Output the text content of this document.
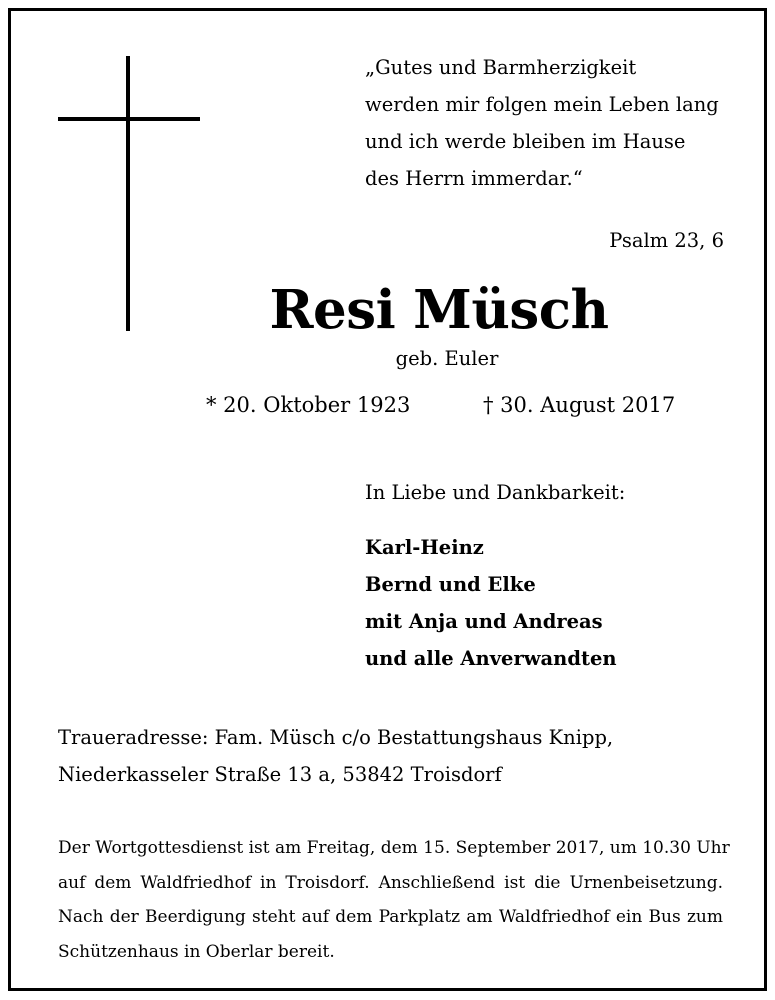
„Gutes und Barmherzigkeit
werden mir folgen mein Leben lang
und ich werde bleiben im Hause
des Herrn immerdar.“
Psalm 23, 6
Resi Müsch
geb. Euler
* 20. Oktober 1923	† 30. August 2017
In Liebe und Dankbarkeit:
Karl-Heinz
Bernd und Elke
mit Anja und Andreas
und alle Anverwandten
Traueradresse: Fam. Müsch c/o Bestattungshaus Knipp,
Niederkasseler Straße 13 a, 53842 Troisdorf
Der Wortgottesdienst ist am Freitag, dem 15. September 2017, um 10.30 Uhr
auf dem Waldfriedhof in Troisdorf. Anschließend ist die Urnenbeisetzung.
Nach der Beerdigung steht auf dem Parkplatz am Waldfriedhof ein Bus zum
Schützenhaus in Oberlar bereit.
